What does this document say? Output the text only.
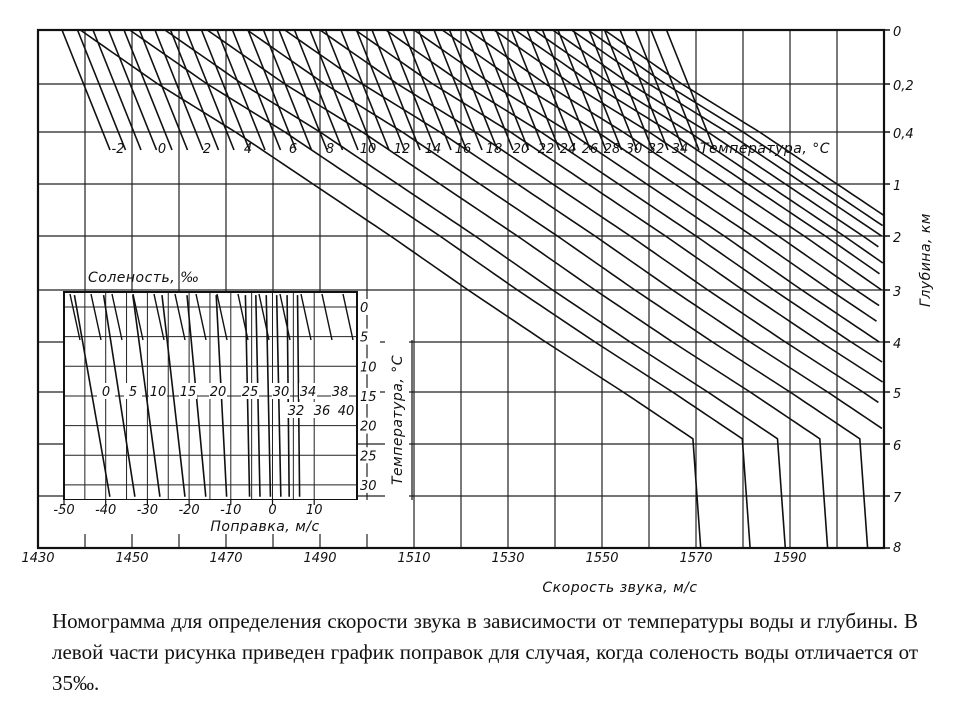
-2	0	2	4	6 8 10 12 14 16 18 20 22 24 26 28 30 32 34 Температура, °С
0
0,2
0,4
1
2
3
4
5
6
7
8
Глубина, км
1430	1450	1470	1490	1510	1530	1550	1570	1590
Скорость звука, м/с
0 5 10 15 20 25 30 34 38
32 36 40
Соленость, ‰
0
5
10
15
20
25
30
Температура, °С
-50 -40 -30 -20 -10 0 10
Поправка, м/с
Номограмма для определения скорости звука в зависимости от температуры воды и глубины. В левой части рисунка приведен график поправок для случая, когда соленость воды отличается от 35‰.
